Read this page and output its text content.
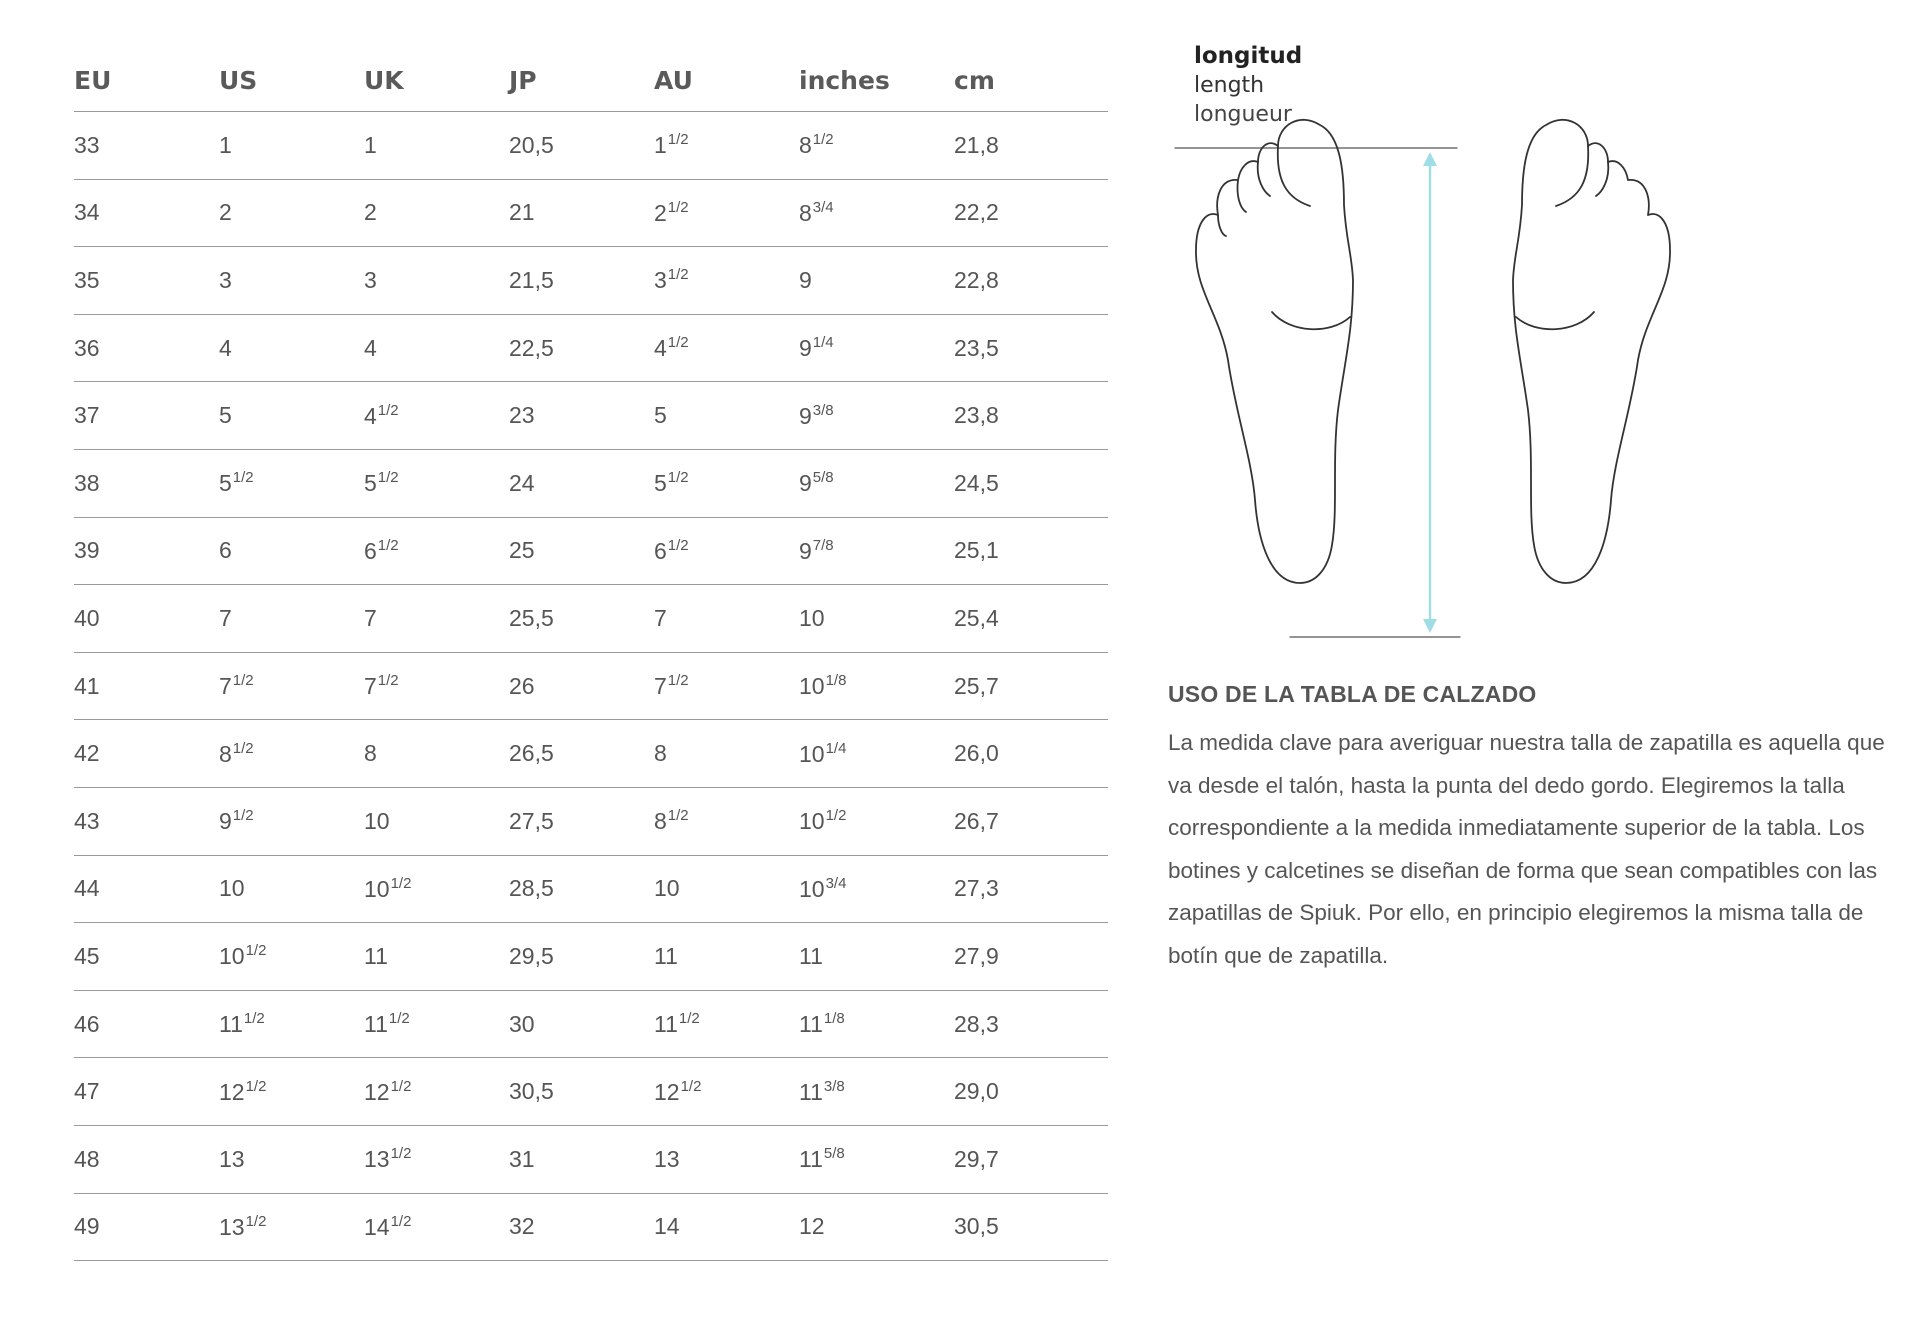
EU	US	UK	JP	AU	inches	cm
33	1	1	20,5	$1^{1/2}$	$8^{1/2}$	21,8
34	2	2	21	$2^{1/2}$	$8^{3/4}$	22,2
35	3	3	21,5	$3^{1/2}$	9	22,8
36	4	4	22,5	$4^{1/2}$	$9^{1/4}$	23,5
37	5	$4^{1/2}$	23	5	$9^{3/8}$	23,8
38	$5^{1/2}$	$5^{1/2}$	24	$5^{1/2}$	$9^{5/8}$	24,5
39	6	$6^{1/2}$	25	$6^{1/2}$	$9^{7/8}$	25,1
40	7	7	25,5	7	10	25,4
41	$7^{1/2}$	$7^{1/2}$	26	$7^{1/2}$	$10^{1/8}$	25,7
42	$8^{1/2}$	8	26,5	8	$10^{1/4}$	26,0
43	$9^{1/2}$	10	27,5	$8^{1/2}$	$10^{1/2}$	26,7
44	10	$10^{1/2}$	28,5	10	$10^{3/4}$	27,3
45	$10^{1/2}$	11	29,5	11	11	27,9
46	$11^{1/2}$	$11^{1/2}$	30	$11^{1/2}$	$11^{1/8}$	28,3
47	$12^{1/2}$	$12^{1/2}$	30,5	$12^{1/2}$	$11^{3/8}$	29,0
48	13	$13^{1/2}$	31	13	$11^{5/8}$	29,7
49	$13^{1/2}$	$14^{1/2}$	32	14	12	30,5
longitud
length
longueur
USO DE LA TABLA DE CALZADO

La medida clave para averiguar nuestra talla de zapatilla es aquella que va desde el talón, hasta la punta del dedo gordo. Elegiremos la talla correspondiente a la medida inmediatamente superior de la tabla. Los botines y calcetines se diseñan de forma que sean compatibles con las zapatillas de Spiuk. Por ello, en principio elegiremos la misma talla de botín que de zapatilla.
